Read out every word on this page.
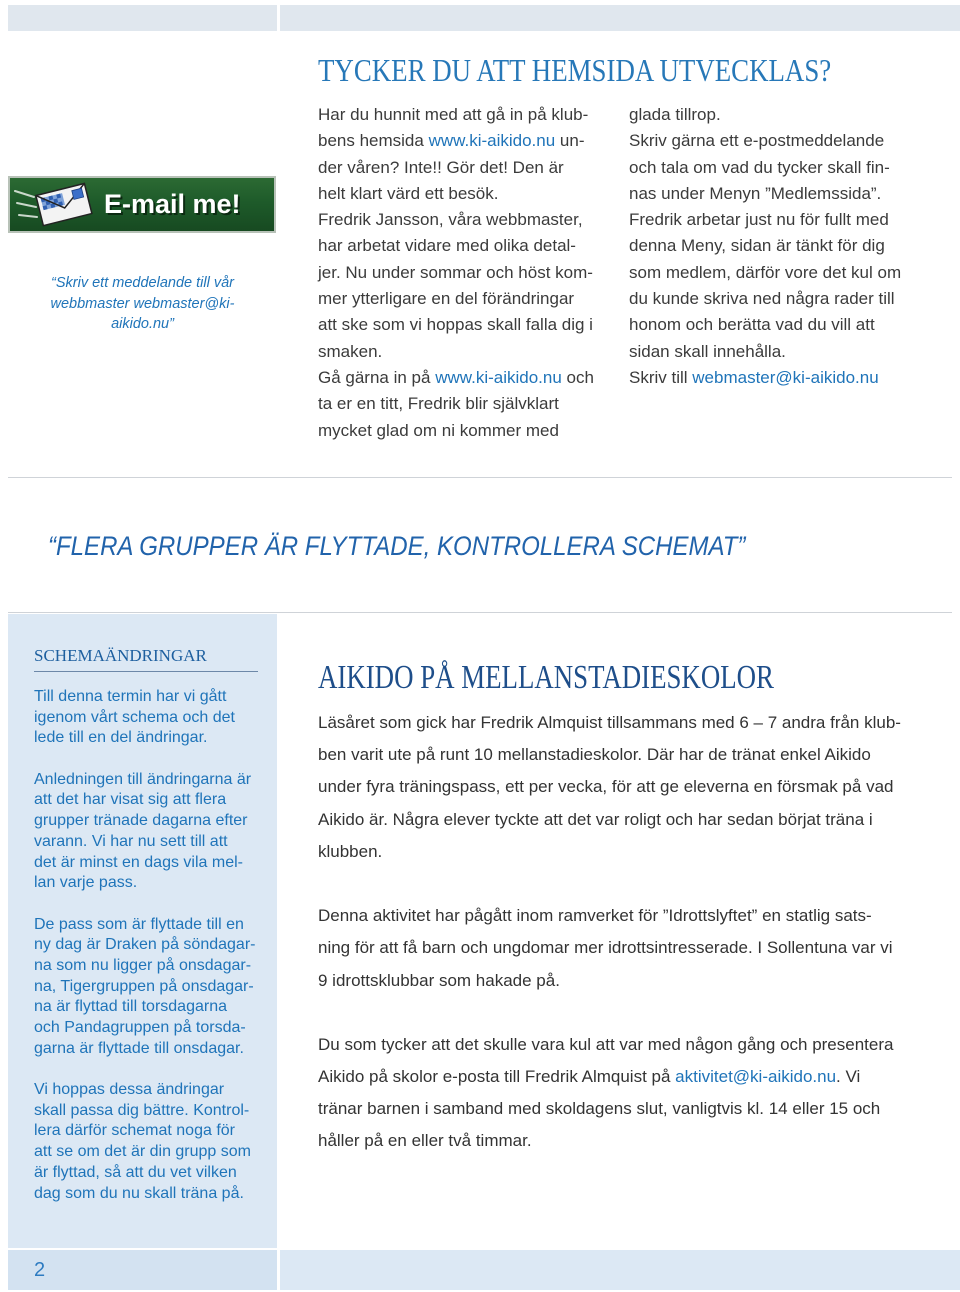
TYCKER DU ATT HEMSIDA UTVECKLAS?
E-mail me!
“Skriv ett meddelande till vår
webbmaster webmaster@ki-
aikido.nu”
Har du hunnit med att gå in på klub-
bens hemsida www.ki-aikido.nu un-
der våren? Inte!! Gör det! Den är
helt klart värd ett besök.
Fredrik Jansson, våra webbmaster,
har arbetat vidare med olika detal-
jer. Nu under sommar och höst kom-
mer ytterligare en del förändringar
att ske som vi hoppas skall falla dig i
smaken.
Gå gärna in på www.ki-aikido.nu och
ta er en titt, Fredrik blir självklart
mycket glad om ni kommer med
glada tillrop.
Skriv gärna ett e-postmeddelande
och tala om vad du tycker skall fin-
nas under Menyn ”Medlemssida”.
Fredrik arbetar just nu för fullt med
denna Meny, sidan är tänkt för dig
som medlem, därför vore det kul om
du kunde skriva ned några rader till
honom och berätta vad du vill att
sidan skall innehålla.
Skriv till webmaster@ki-aikido.nu
“FLERA GRUPPER ÄR FLYTTADE, KONTROLLERA SCHEMAT”
SCHEMAÄNDRINGAR
Till denna termin har vi gått
igenom vårt schema och det
lede till en del ändringar.
Anledningen till ändringarna är
att det har visat sig att flera
grupper tränade dagarna efter
varann. Vi har nu sett till att
det är minst en dags vila mel-
lan varje pass.
De pass som är flyttade till en
ny dag är Draken på söndagar-
na som nu ligger på onsdagar-
na, Tigergruppen på onsdagar-
na är flyttad till torsdagarna
och Pandagruppen på torsda-
garna är flyttade till onsdagar.
Vi hoppas dessa ändringar
skall passa dig bättre. Kontrol-
lera därför schemat noga för
att se om det är din grupp som
är flyttad, så att du vet vilken
dag som du nu skall träna på.
AIKIDO PÅ MELLANSTADIESKOLOR
Läsåret som gick har Fredrik Almquist tillsammans med 6 – 7 andra från klub-
ben varit ute på runt 10 mellanstadieskolor. Där har de tränat enkel Aikido
under fyra träningspass, ett per vecka, för att ge eleverna en försmak på vad
Aikido är. Några elever tyckte att det var roligt och har sedan börjat träna i
klubben.
Denna aktivitet har pågått inom ramverket för ”Idrottslyftet” en statlig sats-
ning för att få barn och ungdomar mer idrottsintresserade. I Sollentuna var vi
9 idrottsklubbar som hakade på.
Du som tycker att det skulle vara kul att var med någon gång och presentera
Aikido på skolor e-posta till Fredrik Almquist på aktivitet@ki-aikido.nu. Vi
tränar barnen i samband med skoldagens slut, vanligtvis kl. 14 eller 15 och
håller på en eller två timmar.
2
